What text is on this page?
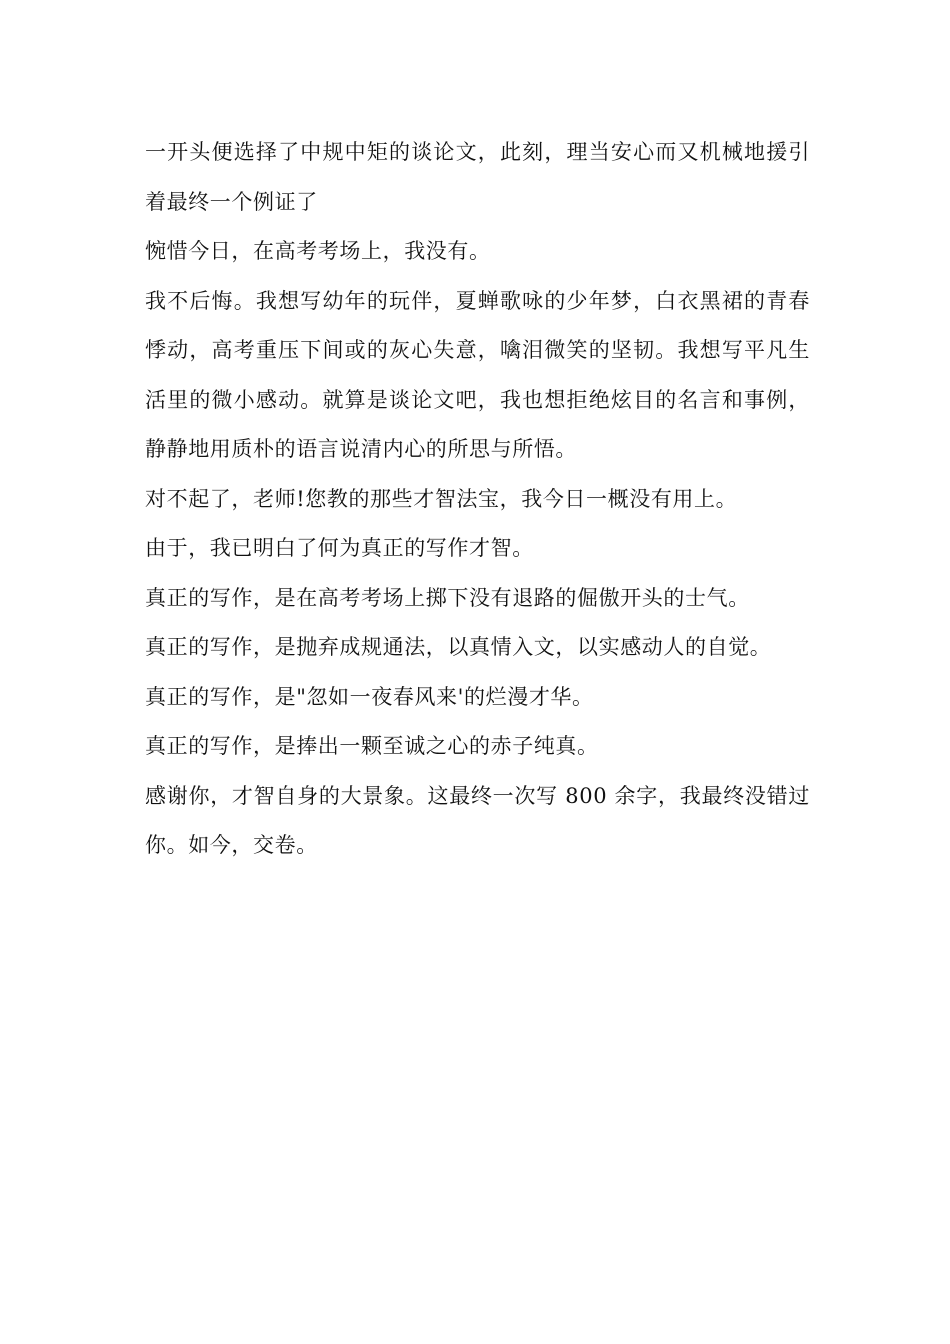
一开头便选择了中规中矩的谈论文，此刻，理当安心而又机械地援引着最终一个例证了

惋惜今日，在高考考场上，我没有。

我不后悔。我想写幼年的玩伴，夏蝉歌咏的少年梦，白衣黑裙的青春悸动，高考重压下间或的灰心失意，噙泪微笑的坚韧。我想写平凡生活里的微小感动。就算是谈论文吧，我也想拒绝炫目的名言和事例，静静地用质朴的语言说清内心的所思与所悟。

对不起了，老师!您教的那些才智法宝，我今日一概没有用上。

由于，我已明白了何为真正的写作才智。

真正的写作，是在高考考场上掷下没有退路的倔傲开头的士气。

真正的写作，是抛弃成规通法，以真情入文，以实感动人的自觉。

真正的写作，是"忽如一夜春风来'的烂漫才华。

真正的写作，是捧出一颗至诚之心的赤子纯真。

感谢你，才智自身的大景象。这最终一次写 800 余字，我最终没错过你。如今，交卷。
